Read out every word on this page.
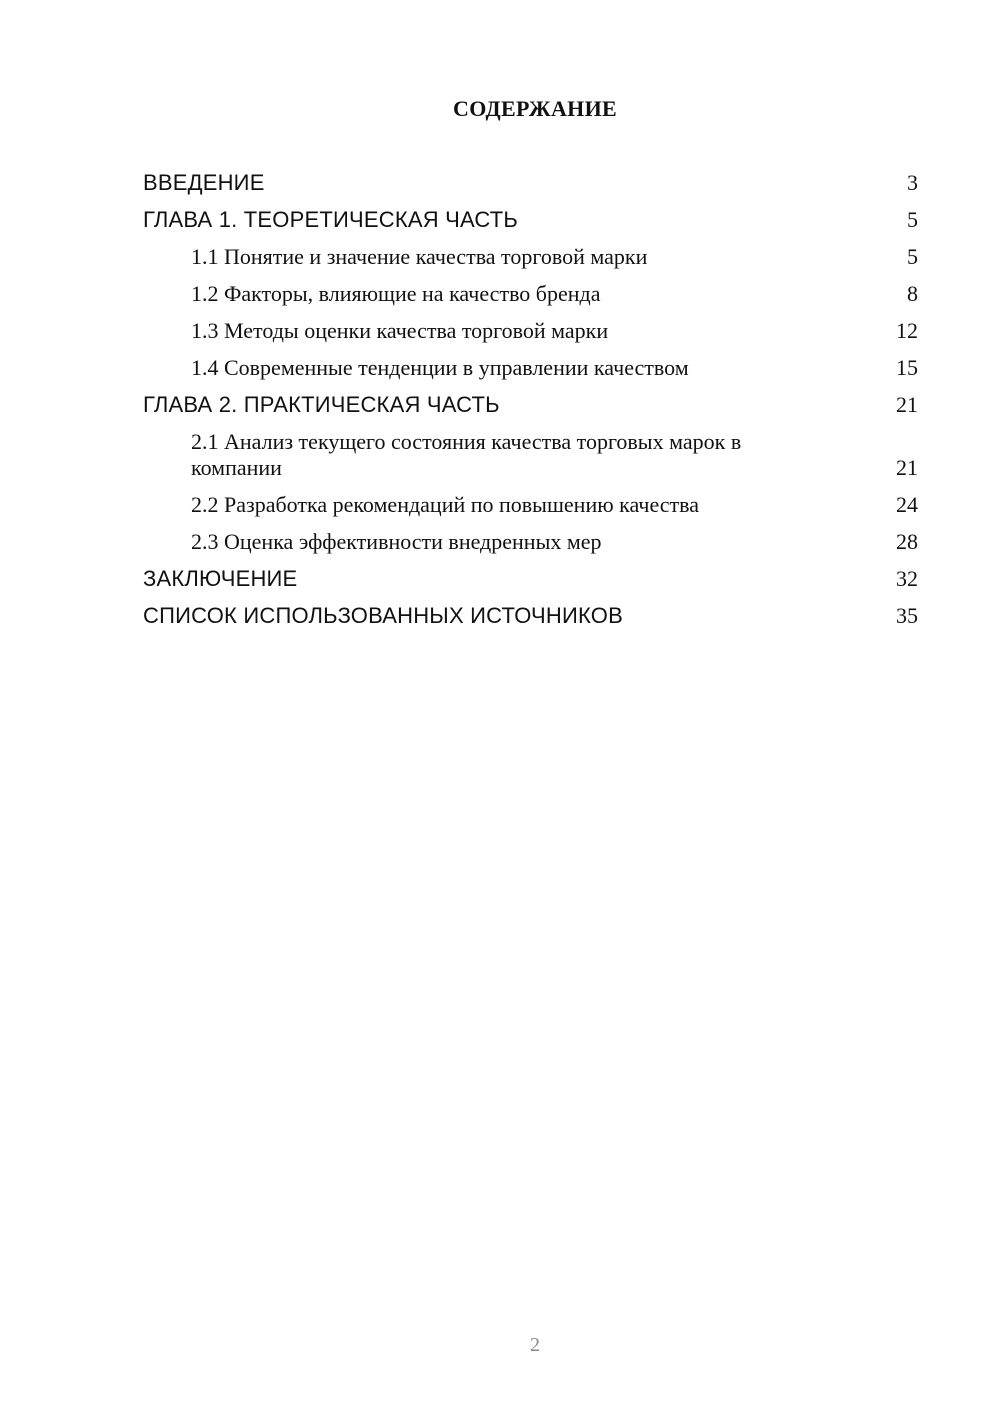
СОДЕРЖАНИЕ
ВВЕДЕНИЕ	3
ГЛАВА 1. ТЕОРЕТИЧЕСКАЯ ЧАСТЬ	5
1.1 Понятие и значение качества торговой марки	5
1.2 Факторы, влияющие на качество бренда	8
1.3 Методы оценки качества торговой марки	12
1.4 Современные тенденции в управлении качеством	15
ГЛАВА 2. ПРАКТИЧЕСКАЯ ЧАСТЬ	21
2.1 Анализ текущего состояния качества торговых марок в компании	21
2.2 Разработка рекомендаций по повышению качества	24
2.3 Оценка эффективности внедренных мер	28
ЗАКЛЮЧЕНИЕ	32
СПИСОК ИСПОЛЬЗОВАННЫХ ИСТОЧНИКОВ	35
2
